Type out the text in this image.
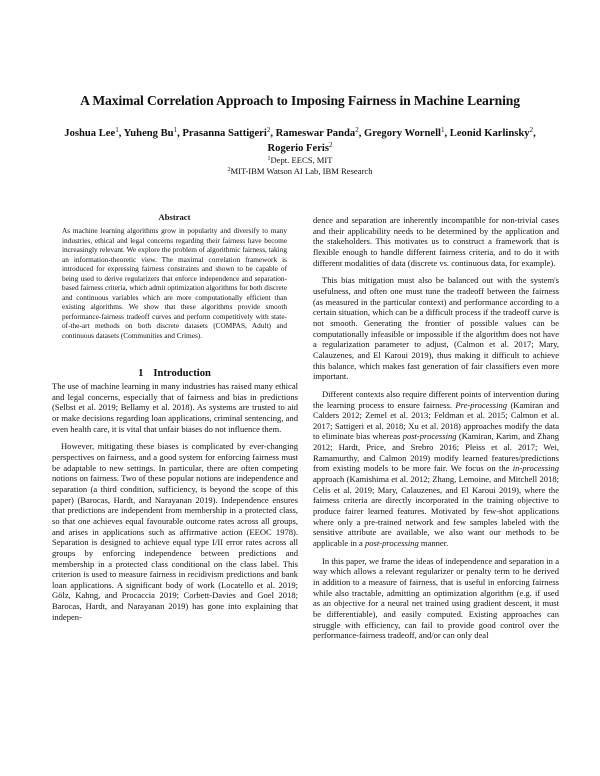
A Maximal Correlation Approach to Imposing Fairness in Machine Learning
Joshua Lee$^1$, Yuheng Bu$^1$, Prasanna Sattigeri$^2$, Rameswar Panda$^2$, Gregory Wornell$^1$, Leonid Karlinsky$^2$, Rogerio Feris$^2$
$^1$Dept. EECS, MIT
$^2$MIT-IBM Watson AI Lab, IBM Research
Abstract
As machine learning algorithms grow in popularity and diversify to many industries, ethical and legal concerns regarding their fairness have become increasingly relevant. We explore the problem of algorithmic fairness, taking an information-theoretic view. The maximal correlation framework is introduced for expressing fairness constraints and shown to be capable of being used to derive regularizers that enforce independence and separation-based fairness criteria, which admit optimization algorithms for both discrete and continuous variables which are more computationally efficient than existing algorithms. We show that these algorithms provide smooth performance-fairness tradeoff curves and perform competitively with state-of-the-art methods on both discrete datasets (COMPAS, Adult) and continuous datasets (Communities and Crimes).
1 Introduction

The use of machine learning in many industries has raised many ethical and legal concerns, especially that of fairness and bias in predictions (Selbst et al. 2019; Bellamy et al. 2018). As systems are trusted to aid or make decisions regarding loan applications, criminal sentencing, and even health care, it is vital that unfair biases do not influence them.

However, mitigating these biases is complicated by ever-changing perspectives on fairness, and a good system for enforcing fairness must be adaptable to new settings. In particular, there are often competing notions on fairness. Two of these popular notions are independence and separation (a third condition, sufficiency, is beyond the scope of this paper) (Barocas, Hardt, and Narayanan 2019). Independence ensures that predictions are independent from membership in a protected class, so that one achieves equal favourable outcome rates across all groups, and arises in applications such as affirmative action (EEOC 1978). Separation is designed to achieve equal type I/II error rates across all groups by enforcing independence between predictions and membership in a protected class conditional on the class label. This criterion is used to measure fairness in recidivism predictions and bank loan applications. A significant body of work (Locatello et al. 2019; Gölz, Kahng, and Procaccia 2019; Corbett-Davies and Goel 2018; Barocas, Hardt, and Narayanan 2019) has gone into explaining that indepen-

dence and separation are inherently incompatible for non-trivial cases and their applicability needs to be determined by the application and the stakeholders. This motivates us to construct a framework that is flexible enough to handle different fairness criteria, and to do it with different modalities of data (discrete vs. continuous data, for example).

This bias mitigation must also be balanced out with the system's usefulness, and often one must tune the tradeoff between the fairness (as measured in the particular context) and performance according to a certain situation, which can be a difficult process if the tradeoff curve is not smooth. Generating the frontier of possible values can be computationally infeasible or impossible if the algorithm does not have a regularization parameter to adjust, (Calmon et al. 2017; Mary, Calauzenes, and El Karoui 2019), thus making it difficult to achieve this balance, which makes fast generation of fair classifiers even more important.

Different contexts also require different points of intervention during the learning process to ensure fairness. Pre-processing (Kamiran and Calders 2012; Zemel et al. 2013; Feldman et al. 2015; Calmon et al. 2017; Sattigeri et al. 2018; Xu et al. 2018) approaches modify the data to eliminate bias whereas post-processing (Kamiran, Karim, and Zhang 2012; Hardt, Price, and Srebro 2016; Pleiss et al. 2017; Wei, Ramamurthy, and Calmon 2019) modify learned features/predictions from existing models to be more fair. We focus on the in-processing approach (Kamishima et al. 2012; Zhang, Lemoine, and Mitchell 2018; Celis et al. 2019; Mary, Calauzenes, and El Karoui 2019), where the fairness criteria are directly incorporated in the training objective to produce fairer learned features. Motivated by few-shot applications where only a pre-trained network and few samples labeled with the sensitive attribute are available, we also want our methods to be applicable in a post-processing manner.

In this paper, we frame the ideas of independence and separation in a way which allows a relevant regularizer or penalty term to be derived in addition to a measure of fairness, that is useful in enforcing fairness while also tractable, admitting an optimization algorithm (e.g. if used as an objective for a neural net trained using gradient descent, it must be differentiable), and easily computed. Existing approaches can struggle with efficiency, can fail to provide good control over the performance-fairness tradeoff, and/or can only deal
